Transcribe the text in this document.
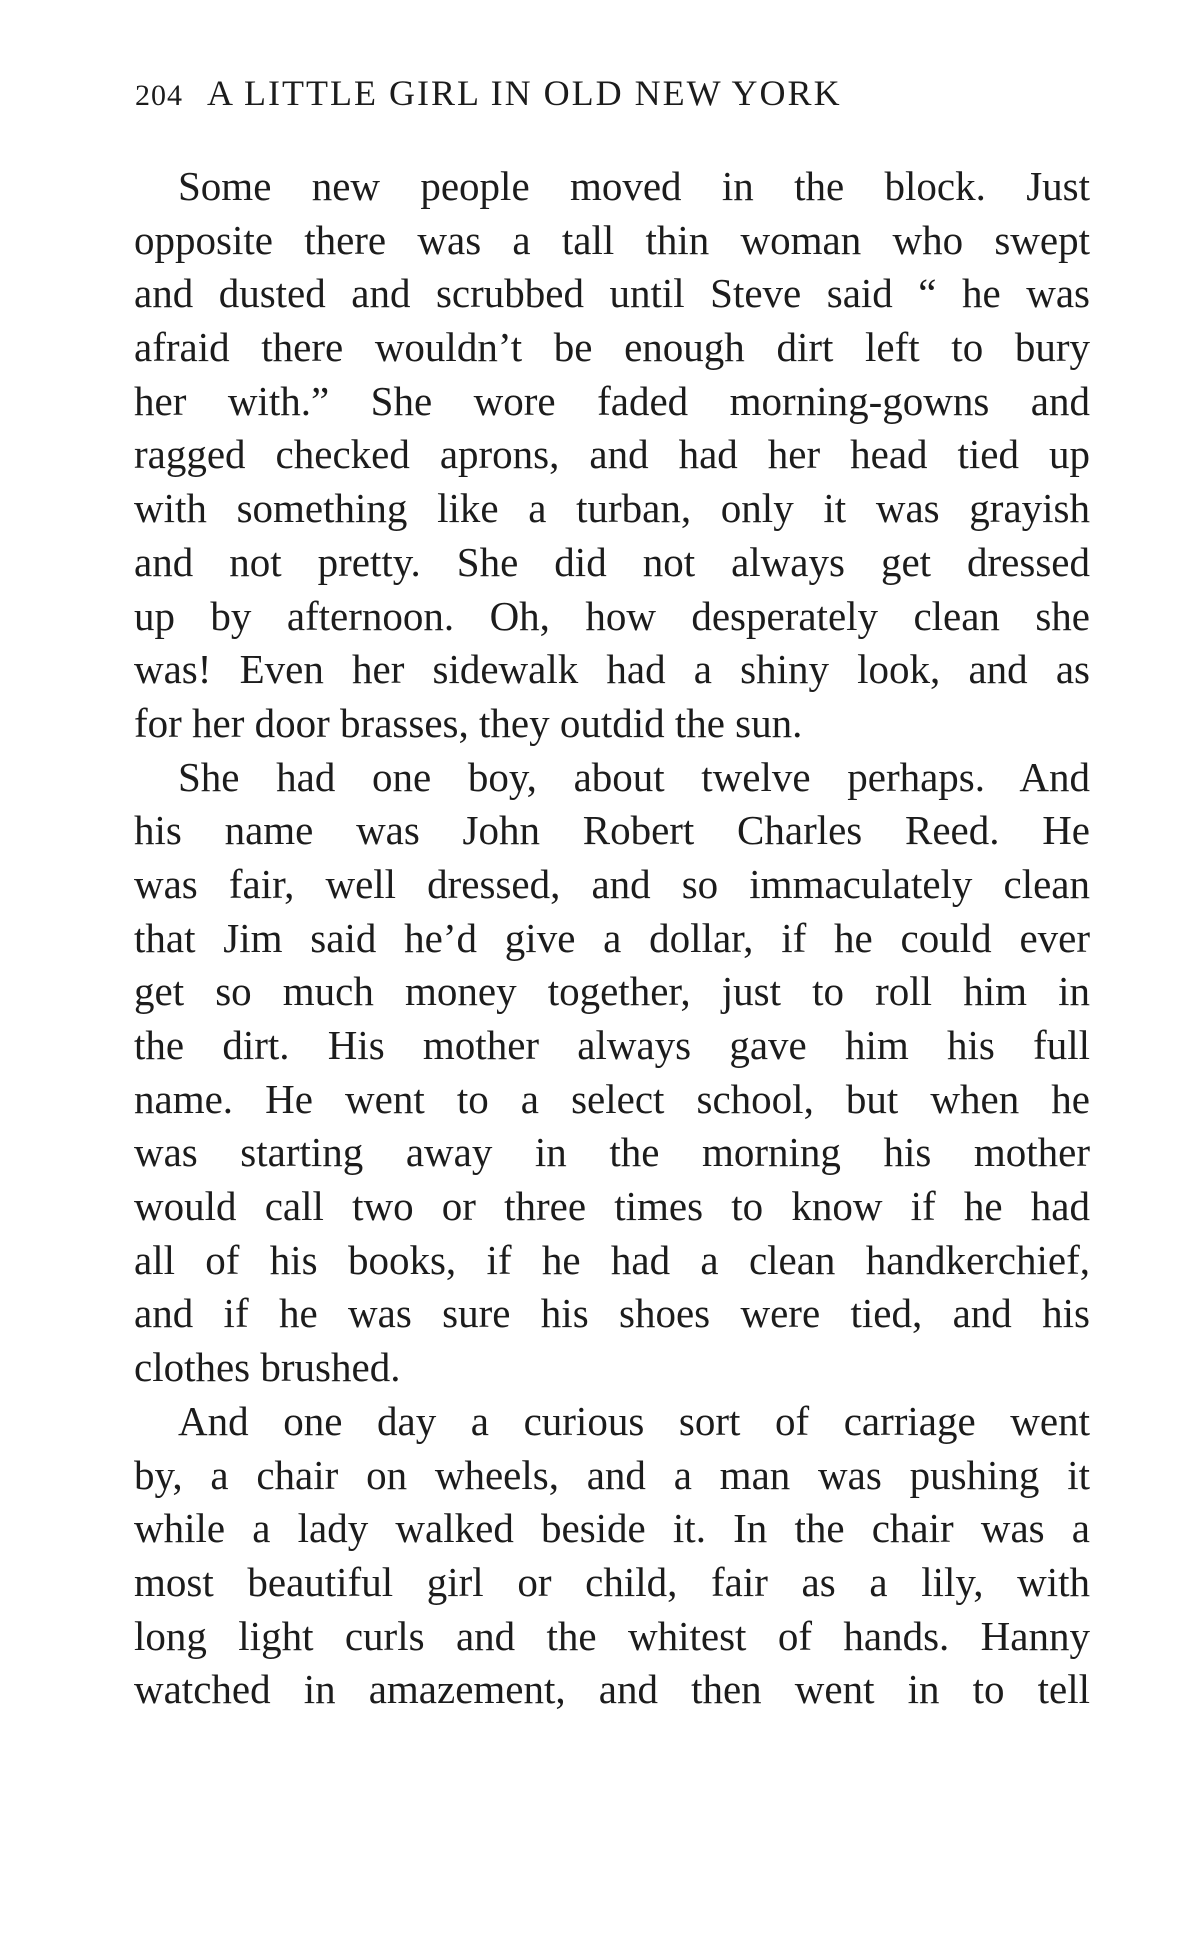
204 A LITTLE GIRL IN OLD NEW YORK
Some new people moved in the block. Just
opposite there was a tall thin woman who swept
and dusted and scrubbed until Steve said “ he was
afraid there wouldn’t be enough dirt left to bury
her with.” She wore faded morning-gowns and
ragged checked aprons, and had her head tied up
with something like a turban, only it was grayish
and not pretty. She did not always get dressed
up by afternoon. Oh, how desperately clean she
was! Even her sidewalk had a shiny look, and as
for her door brasses, they outdid the sun.
She had one boy, about twelve perhaps. And
his name was John Robert Charles Reed. He
was fair, well dressed, and so immaculately clean
that Jim said he’d give a dollar, if he could ever
get so much money together, just to roll him in
the dirt. His mother always gave him his full
name. He went to a select school, but when he
was starting away in the morning his mother
would call two or three times to know if he had
all of his books, if he had a clean handkerchief,
and if he was sure his shoes were tied, and his
clothes brushed.
And one day a curious sort of carriage went
by, a chair on wheels, and a man was pushing it
while a lady walked beside it. In the chair was a
most beautiful girl or child, fair as a lily, with
long light curls and the whitest of hands. Hanny
watched in amazement, and then went in to tell
